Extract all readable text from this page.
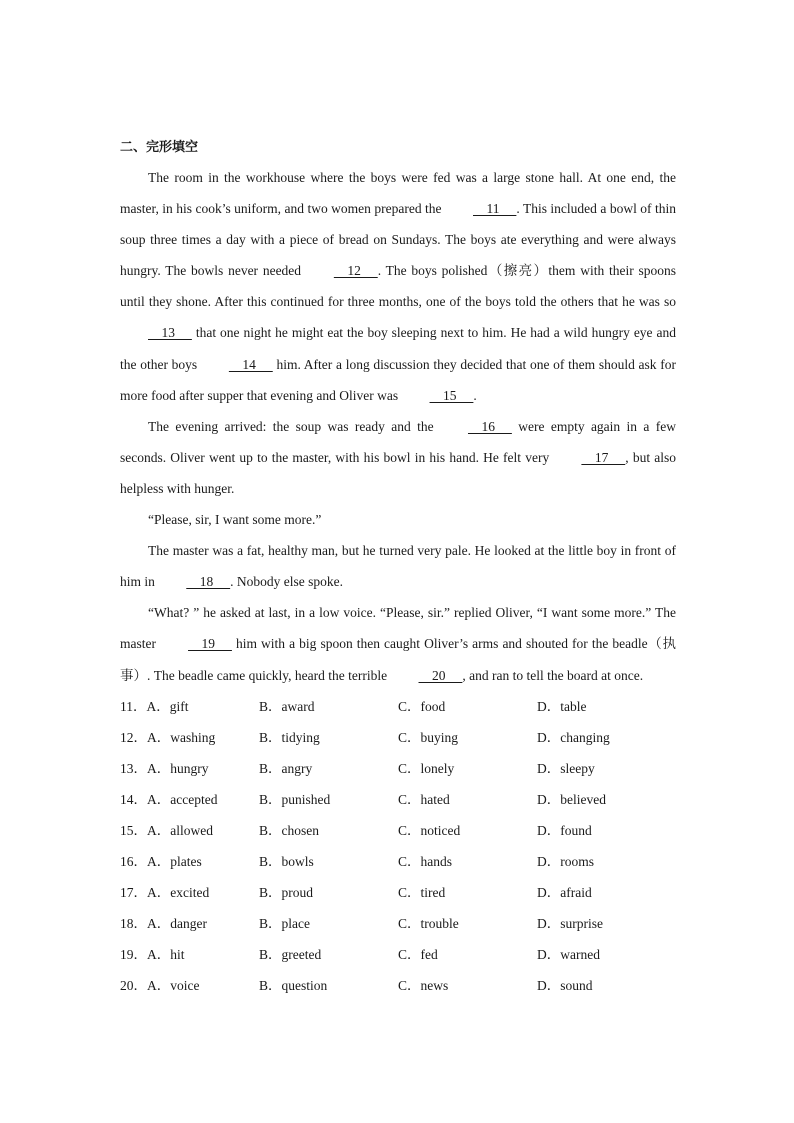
二、完形填空

The room in the workhouse where the boys were fed was a large stone hall. At one end, the master, in his cook’s uniform, and two women prepared the     11     . This included a bowl of thin soup three times a day with a piece of bread on Sundays. The boys ate everything and were always hungry. The bowls never needed     12     . The boys polished（擦亮）them with their spoons until they shone. After this continued for three months, one of the boys told the others that he was so     13      that one night he might eat the boy sleeping next to him. He had a wild hungry eye and the other boys     14      him. After a long discussion they decided that one of them should ask for more food after supper that evening and Oliver was     15     .

The evening arrived: the soup was ready and the     16      were empty again in a few seconds. Oliver went up to the master, with his bowl in his hand. He felt very     17     , but also helpless with hunger.

“Please, sir, I want some more.”

The master was a fat, healthy man, but he turned very pale. He looked at the little boy in front of him in     18     . Nobody else spoke.

“What? ” he asked at last, in a low voice. “Please, sir.” replied Oliver, “I want some more.” The master     19      him with a big spoon then caught Oliver’s arms and shouted for the beadle（执事）. The beadle came quickly, heard the terrible     20     , and ran to tell the board at once.

11．A．gift	B．award	C．food	D．table
12．A．washing	B．tidying	C．buying	D．changing
13．A．hungry	B．angry	C．lonely	D．sleepy
14．A．accepted	B．punished	C．hated	D．believed
15．A．allowed	B．chosen	C．noticed	D．found
16．A．plates	B．bowls	C．hands	D．rooms
17．A．excited	B．proud	C．tired	D．afraid
18．A．danger	B．place	C．trouble	D．surprise
19．A．hit	B．greeted	C．fed	D．warned
20．A．voice	B．question	C．news	D．sound
